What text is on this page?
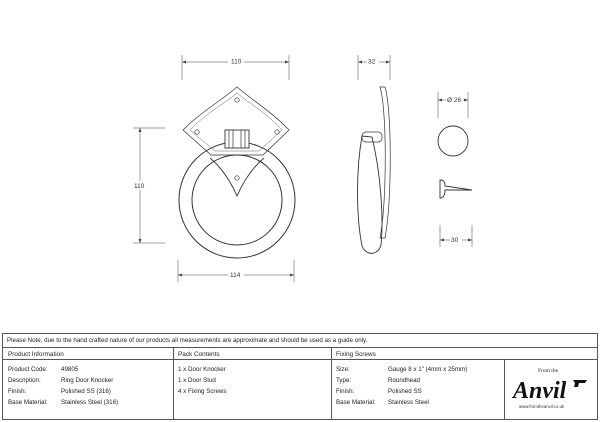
110
110
114
32
Ø 26
30
Please Note, due to the hand crafted nature of our products all measurements are approximate and should be used as a guide only.
Product Information	Pack Contents	Fixing Screws
Product Code: 49805
Description:	Ring Door Knocker
Finish:	Polished SS (316)
Base Material: Stainless Steel (316)
1 x Door Knocker
1 x Door Stud
4 x Fixing Screws
Size:	Gauge 8 x 1" (4mm x 25mm)
Type:	Roundhead
Finish:	Polished SS
Base Material: Stainless Steel
From the
Anvil
www.fromtheanvil.co.uk
